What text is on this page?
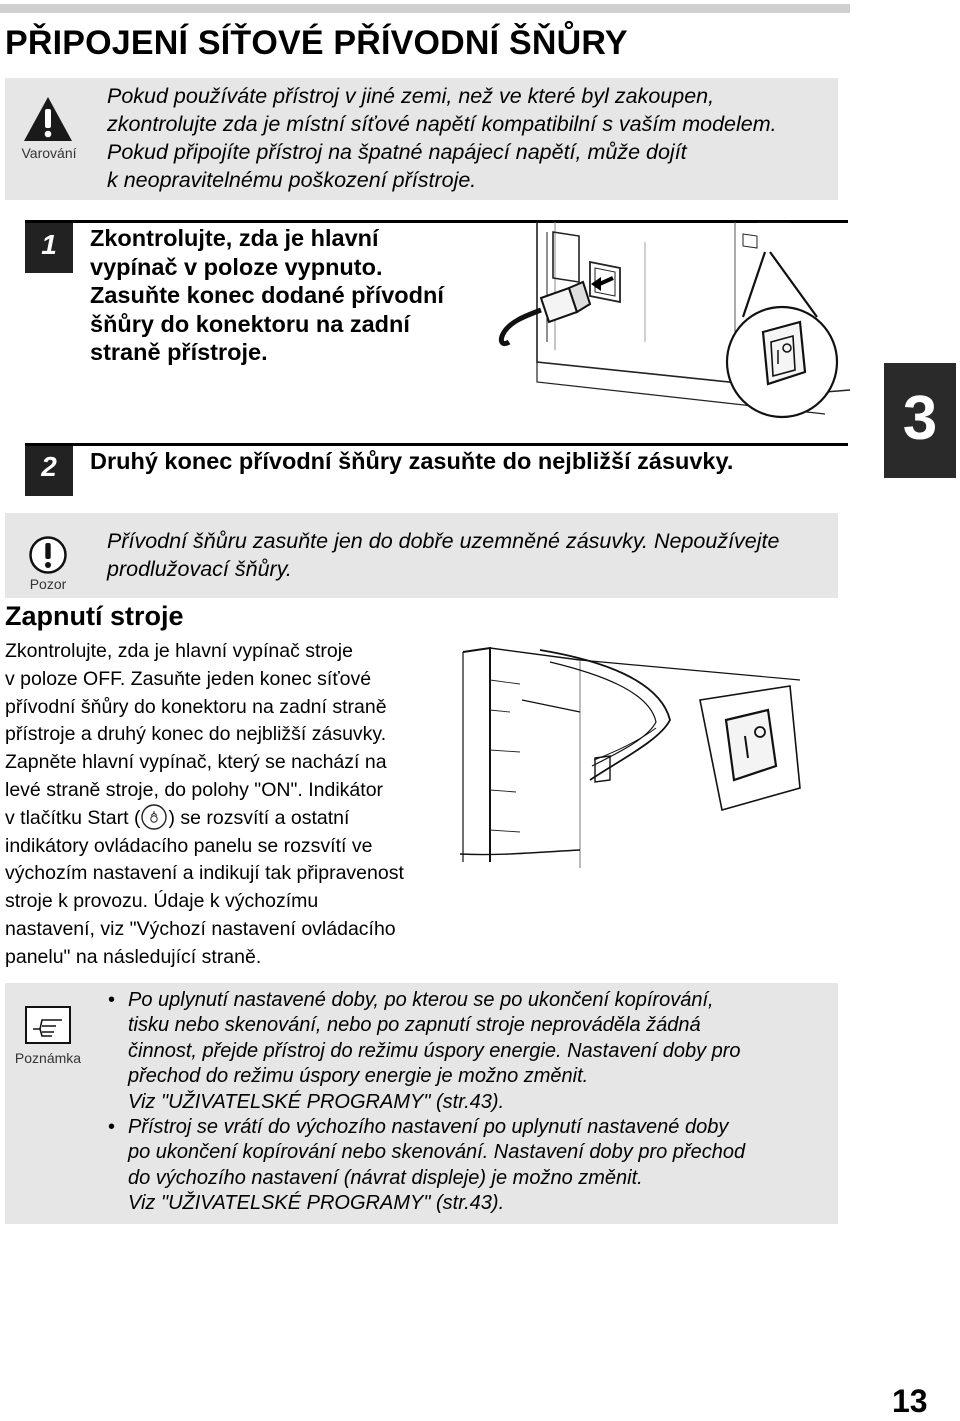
PŘIPOJENÍ SÍŤOVÉ PŘÍVODNÍ ŠŇŮRY
Varování
Pokud používáte přístroj v jiné zemi, než ve které byl zakoupen,
zkontrolujte zda je místní síťové napětí kompatibilní s vaším modelem.
Pokud připojíte přístroj na špatné napájecí napětí, může dojít
k neopravitelnému poškození přístroje.
1	Zkontrolujte, zda je hlavní
vypínač v poloze vypnuto.
Zasuňte konec dodané přívodní
šňůry do konektoru na zadní
straně přístroje.
2	Druhý konec přívodní šňůry zasuňte do nejbližší zásuvky.
3
Pozor
Přívodní šňůru zasuňte jen do dobře uzemněné zásuvky. Nepoužívejte
prodlužovací šňůry.
Zapnutí stroje
Zkontrolujte, zda je hlavní vypínač stroje
v poloze OFF. Zasuňte jeden konec síťové
přívodní šňůry do konektoru na zadní straně
přístroje a druhý konec do nejbližší zásuvky.
Zapněte hlavní vypínač, který se nachází na
levé straně stroje, do polohy "ON". Indikátor
v tlačítku Start ( ) se rozsvítí a ostatní
indikátory ovládacího panelu se rozsvítí ve
výchozím nastavení a indikují tak připravenost
stroje k provozu. Údaje k výchozímu
nastavení, viz "Výchozí nastavení ovládacího
panelu" na následující straně.
Poznámka
• Po uplynutí nastavené doby, po kterou se po ukončení kopírování,
tisku nebo skenování, nebo po zapnutí stroje neprováděla žádná
činnost, přejde přístroj do režimu úspory energie. Nastavení doby pro
přechod do režimu úspory energie je možno změnit.
Viz "UŽIVATELSKÉ PROGRAMY" (str.43).
• Přístroj se vrátí do výchozího nastavení po uplynutí nastavené doby
po ukončení kopírování nebo skenování. Nastavení doby pro přechod
do výchozího nastavení (návrat displeje) je možno změnit.
Viz "UŽIVATELSKÉ PROGRAMY" (str.43).
13
